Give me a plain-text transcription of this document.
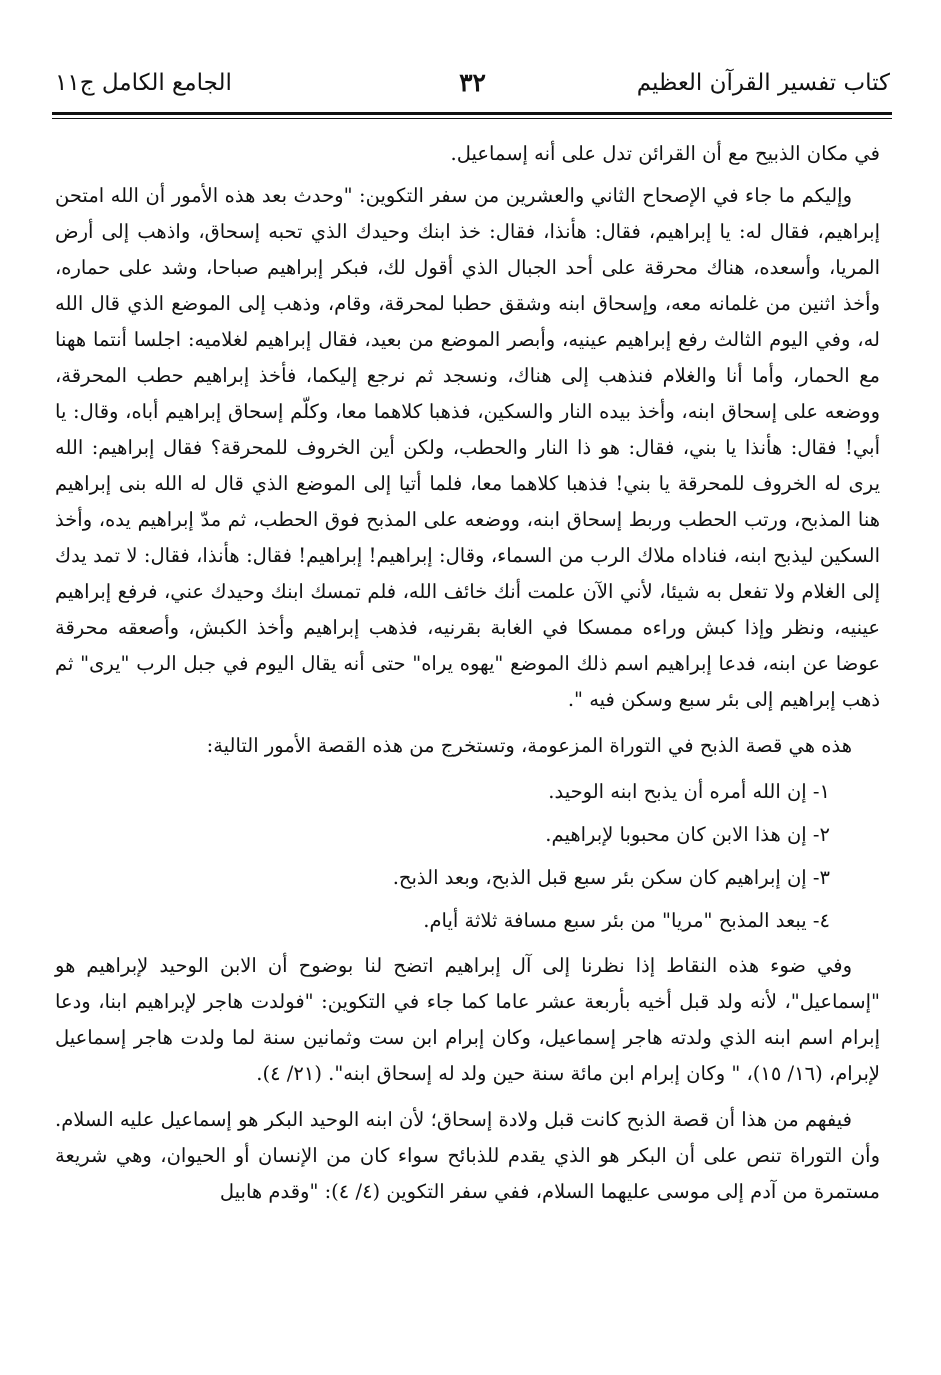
كتاب تفسير القرآن العظيم
٣٢
الجامع الكامل ج١١

في مكان الذبيح مع أن القرائن تدل على أنه إسماعيل.

وإليكم ما جاء في الإصحاح الثاني والعشرين من سفر التكوين: "وحدث بعد هذه الأمور أن الله امتحن إبراهيم، فقال له: يا إبراهيم، فقال: هأنذا، فقال: خذ ابنك وحيدك الذي تحبه إسحاق، واذهب إلى أرض المريا، وأسعده، هناك محرقة على أحد الجبال الذي أقول لك، فبكر إبراهيم صباحا، وشد على حماره، وأخذ اثنين من غلمانه معه، وإسحاق ابنه وشقق حطبا لمحرقة، وقام، وذهب إلى الموضع الذي قال الله له، وفي اليوم الثالث رفع إبراهيم عينيه، وأبصر الموضع من بعيد، فقال إبراهيم لغلاميه: اجلسا أنتما ههنا مع الحمار، وأما أنا والغلام فنذهب إلى هناك، ونسجد ثم نرجع إليكما، فأخذ إبراهيم حطب المحرقة، ووضعه على إسحاق ابنه، وأخذ بيده النار والسكين، فذهبا كلاهما معا، وكلّم إسحاق إبراهيم أباه، وقال: يا أبي! فقال: هأنذا يا بني، فقال: هو ذا النار والحطب، ولكن أين الخروف للمحرقة؟ فقال إبراهيم: الله يرى له الخروف للمحرقة يا بني! فذهبا كلاهما معا، فلما أتيا إلى الموضع الذي قال له الله بنى إبراهيم هنا المذبح، ورتب الحطب وربط إسحاق ابنه، ووضعه على المذبح فوق الحطب، ثم مدّ إبراهيم يده، وأخذ السكين ليذبح ابنه، فناداه ملاك الرب من السماء، وقال: إبراهيم! إبراهيم! فقال: هأنذا، فقال: لا تمد يدك إلى الغلام ولا تفعل به شيئا، لأني الآن علمت أنك خائف الله، فلم تمسك ابنك وحيدك عني، فرفع إبراهيم عينيه، ونظر وإذا كبش وراءه ممسكا في الغابة بقرنيه، فذهب إبراهيم وأخذ الكبش، وأصعقه محرقة عوضا عن ابنه، فدعا إبراهيم اسم ذلك الموضع "يهوه يراه" حتى أنه يقال اليوم في جبل الرب "يرى" ثم ذهب إبراهيم إلى بئر سبع وسكن فيه ".

هذه هي قصة الذبح في التوراة المزعومة، وتستخرج من هذه القصة الأمور التالية:

١- إن الله أمره أن يذبح ابنه الوحيد.

٢- إن هذا الابن كان محبوبا لإبراهيم.

٣- إن إبراهيم كان سكن بئر سبع قبل الذبح، وبعد الذبح.

٤- يبعد المذبح "مريا" من بئر سبع مسافة ثلاثة أيام.

وفي ضوء هذه النقاط إذا نظرنا إلى آل إبراهيم اتضح لنا بوضوح أن الابن الوحيد لإبراهيم هو "إسماعيل"، لأنه ولد قبل أخيه بأربعة عشر عاما كما جاء في التكوين: "فولدت هاجر لإبراهيم ابنا، ودعا إبرام اسم ابنه الذي ولدته هاجر إسماعيل، وكان إبرام ابن ست وثمانين سنة لما ولدت هاجر إسماعيل لإبرام، (١٦/ ١٥)، " وكان إبرام ابن مائة سنة حين ولد له إسحاق ابنه". (٢١/ ٤).

فيفهم من هذا أن قصة الذبح كانت قبل ولادة إسحاق؛ لأن ابنه الوحيد البكر هو إسماعيل عليه السلام. وأن التوراة تنص على أن البكر هو الذي يقدم للذبائح سواء كان من الإنسان أو الحيوان، وهي شريعة مستمرة من آدم إلى موسى عليهما السلام، ففي سفر التكوين (٤/ ٤): "وقدم هابيل
